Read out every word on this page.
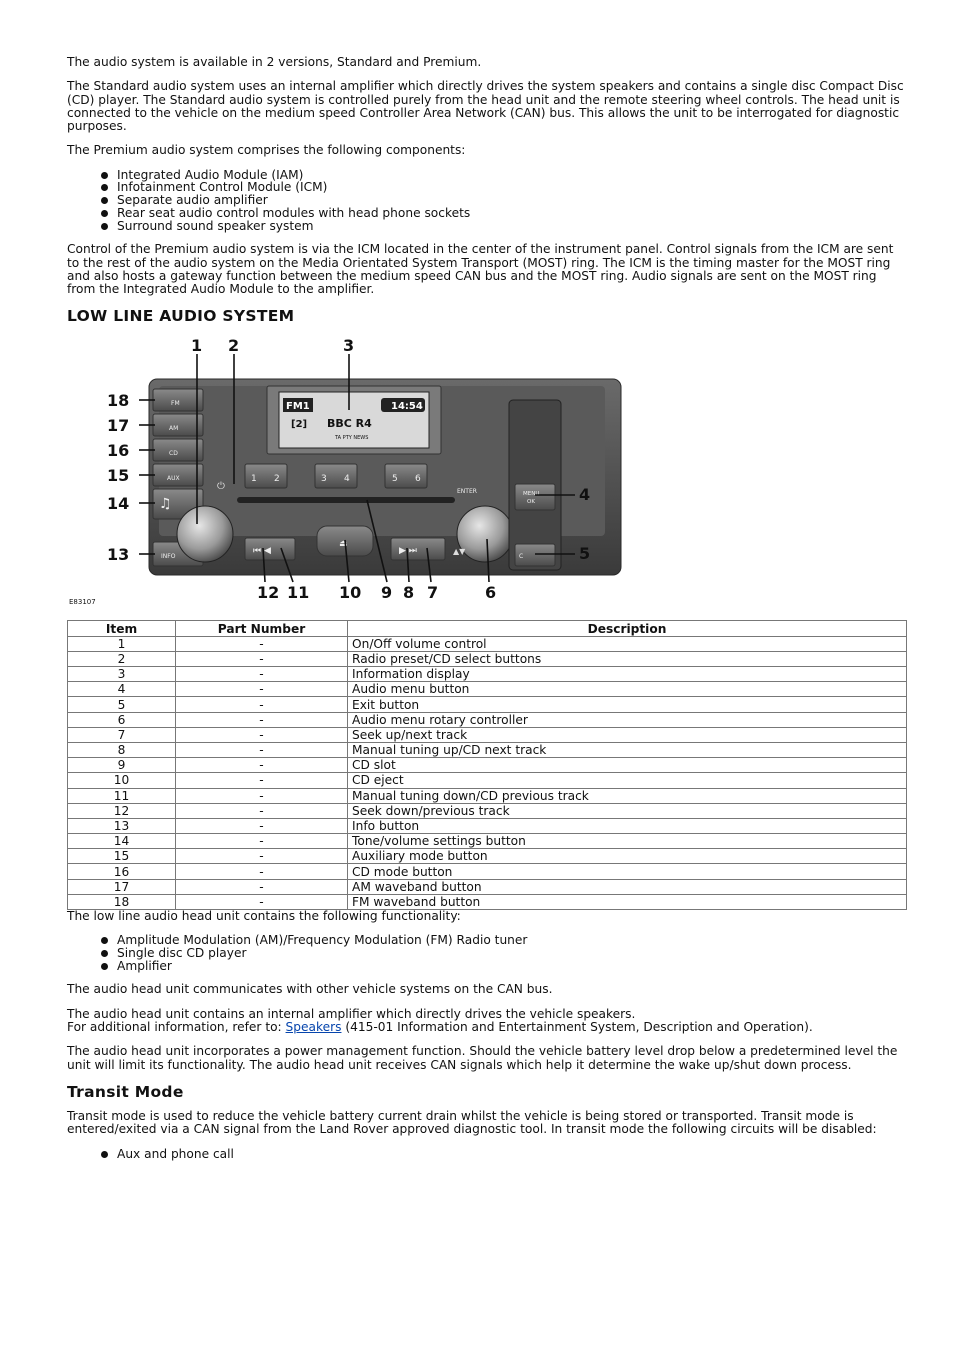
The audio system is available in 2 versions, Standard and Premium.

The Standard audio system uses an internal amplifier which directly drives the system speakers and contains a single disc Compact Disc (CD) player. The Standard audio system is controlled purely from the head unit and the remote steering wheel controls. The head unit is connected to the vehicle on the medium speed Controller Area Network (CAN) bus. This allows the unit to be interrogated for diagnostic purposes.

The Premium audio system comprises the following components:

Integrated Audio Module (IAM)
Infotainment Control Module (ICM)
Separate audio amplifier
Rear seat audio control modules with head phone sockets
Surround sound speaker system

Control of the Premium audio system is via the ICM located in the center of the instrument panel. Control signals from the ICM are sent to the rest of the audio system on the Media Orientated System Transport (MOST) ring. The ICM is the timing master for the MOST ring and also hosts a gateway function between the medium speed CAN bus and the MOST ring. Audio signals are sent on the MOST ring from the Integrated Audio Module to the amplifier.

LOW LINE AUDIO SYSTEM
FM
AM
CD
AUX
♫
INFO
⏻
FM1	14:54
[2] BBC R4
TA PTY NEWS
1 2	3 4	5 6
ENTER
⏮ ◀
⏏
▶ ⏭	▲▼
MENU
OK
C
1 2	3
4
5
6
7
8
9
10
11
12
13
14
15
16
17
18
E83107
Item	Part Number	Description
1	-	On/Off volume control
2	-	Radio preset/CD select buttons
3	-	Information display
4	-	Audio menu button
5	-	Exit button
6	-	Audio menu rotary controller
7	-	Seek up/next track
8	-	Manual tuning up/CD next track
9	-	CD slot
10	-	CD eject
11	-	Manual tuning down/CD previous track
12	-	Seek down/previous track
13	-	Info button
14	-	Tone/volume settings button
15	-	Auxiliary mode button
16	-	CD mode button
17	-	AM waveband button
18	-	FM waveband button

The low line audio head unit contains the following functionality:

Amplitude Modulation (AM)/Frequency Modulation (FM) Radio tuner
Single disc CD player
Amplifier

The audio head unit communicates with other vehicle systems on the CAN bus.

The audio head unit contains an internal amplifier which directly drives the vehicle speakers.
For additional information, refer to: Speakers (415-01 Information and Entertainment System, Description and Operation).

The audio head unit incorporates a power management function. Should the vehicle battery level drop below a predetermined level the unit will limit its functionality. The audio head unit receives CAN signals which help it determine the wake up/shut down process.

Transit Mode

Transit mode is used to reduce the vehicle battery current drain whilst the vehicle is being stored or transported. Transit mode is entered/exited via a CAN signal from the Land Rover approved diagnostic tool. In transit mode the following circuits will be disabled:

Aux and phone call
